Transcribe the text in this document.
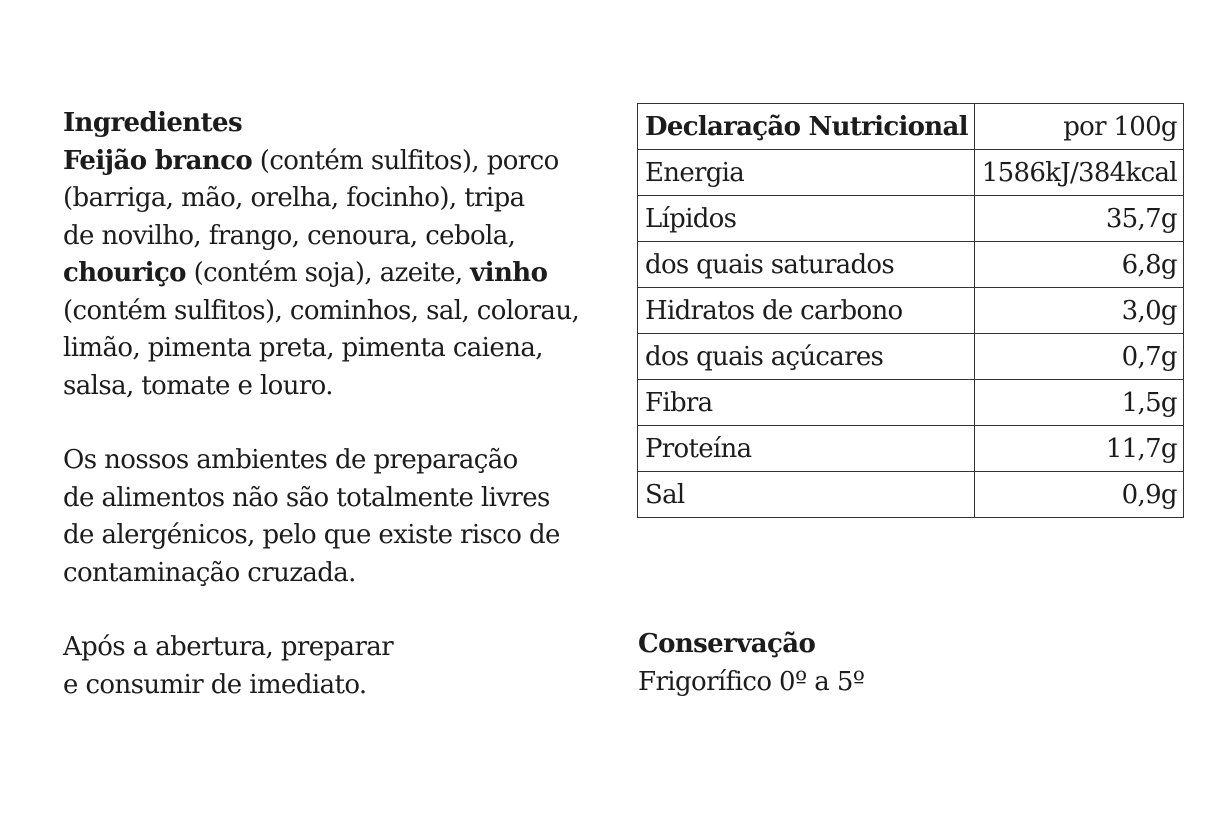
Ingredientes

Feijão branco (contém sulfitos), porco

(barriga, mão, orelha, focinho), tripa

de novilho, frango, cenoura, cebola,

chouriço (contém soja), azeite, vinho

(contém sulfitos), cominhos, sal, colorau,

limão, pimenta preta, pimenta caiena,

salsa, tomate e louro.

Os nossos ambientes de preparação

de alimentos não são totalmente livres

de alergénicos, pelo que existe risco de

contaminação cruzada.

Após a abertura, preparar

e consumir de imediato.

Declaração Nutricional	por 100g
Energia	1586kJ/384kcal
Lípidos	35,7g
dos quais saturados	6,8g
Hidratos de carbono	3,0g
dos quais açúcares	0,7g
Fibra	1,5g
Proteína	11,7g
Sal	0,9g

Conservação

Frigorífico 0º a 5º
